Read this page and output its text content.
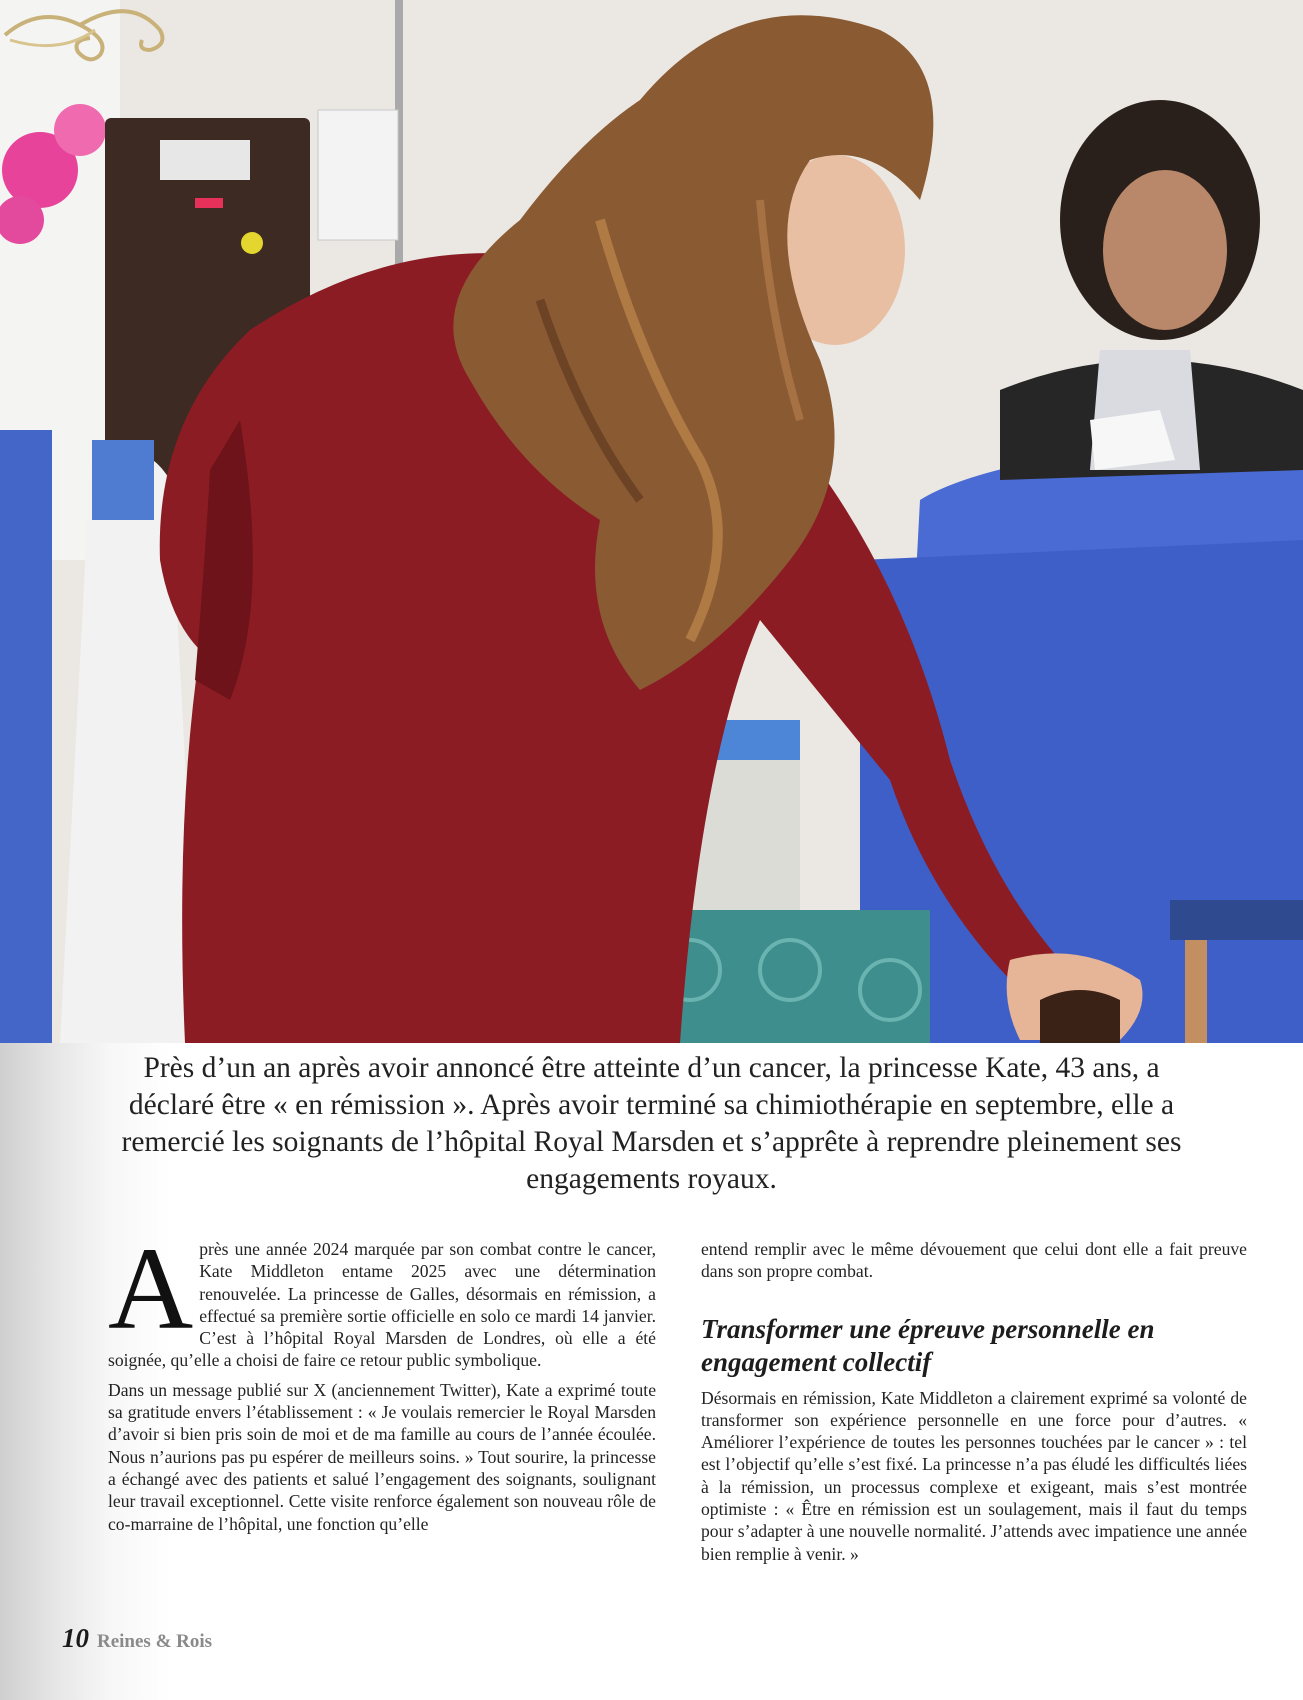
Près d’un an après avoir annoncé être atteinte d’un cancer, la princesse Kate, 43 ans, a déclaré être « en rémission ». Après avoir terminé sa chimiothérapie en septembre, elle a remercié les soignants de l’hôpital Royal Marsden et s’apprête à reprendre pleinement ses engagements royaux.

Après une année 2024 marquée par son combat contre le cancer, Kate Middleton entame 2025 avec une détermination renouvelée. La princesse de Galles, désormais en rémission, a effectué sa première sortie officielle en solo ce mardi 14 janvier. C’est à l’hôpital Royal Marsden de Londres, où elle a été soignée, qu’elle a choisi de faire ce retour public symbolique.

Dans un message publié sur X (anciennement Twitter), Kate a exprimé toute sa gratitude envers l’établissement : « Je voulais remercier le Royal Marsden d’avoir si bien pris soin de moi et de ma famille au cours de l’année écoulée. Nous n’aurions pas pu espérer de meilleurs soins. » Tout sourire, la princesse a échangé avec des patients et salué l’engagement des soignants, soulignant leur travail exceptionnel. Cette visite renforce également son nouveau rôle de co-marraine de l’hôpital, une fonction qu’elle

entend remplir avec le même dévouement que celui dont elle a fait preuve dans son propre combat.

Transformer une épreuve personnelle en engagement collectif

Désormais en rémission, Kate Middleton a clairement exprimé sa volonté de transformer son expérience personnelle en une force pour d’autres. « Améliorer l’expérience de toutes les personnes touchées par le cancer » : tel est l’objectif qu’elle s’est fixé. La princesse n’a pas éludé les difficultés liées à la rémission, un processus complexe et exigeant, mais s’est montrée optimiste : « Être en rémission est un soulagement, mais il faut du temps pour s’adapter à une nouvelle normalité. J’attends avec impatience une année bien remplie à venir. »

10 Reines & Rois
